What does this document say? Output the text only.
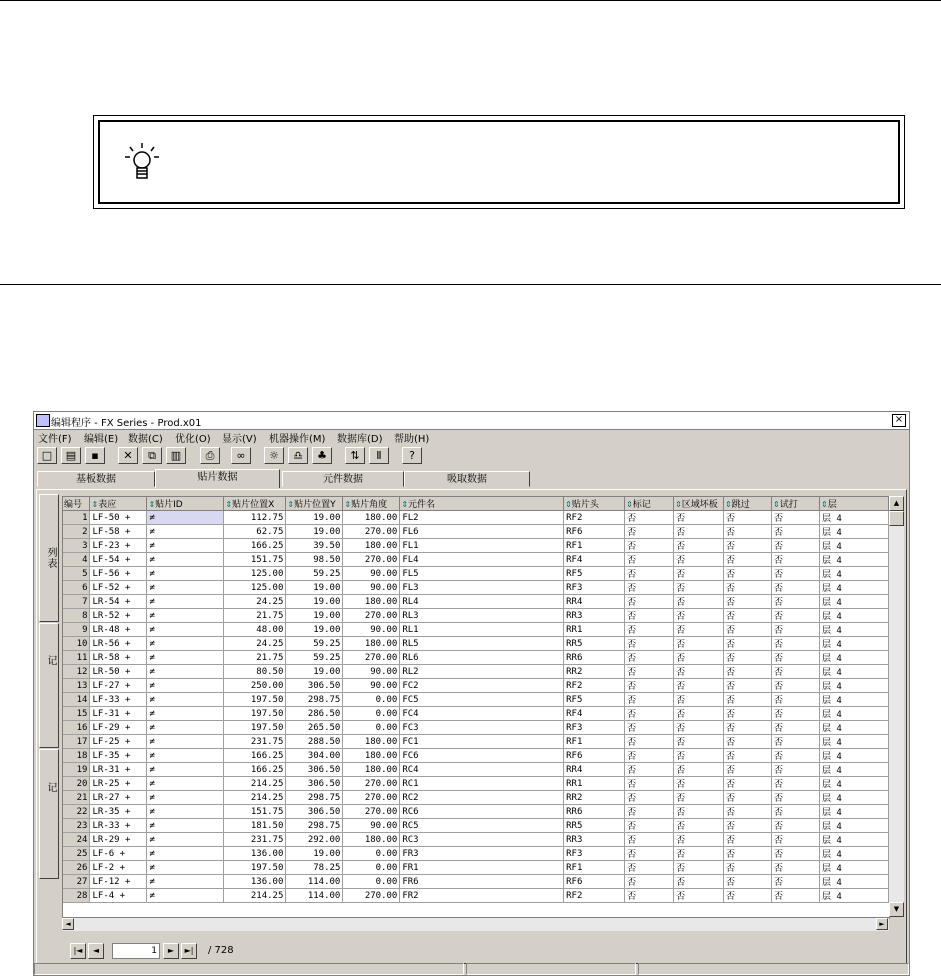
编辑程序 - FX Series - Prod.x01	×
文件(F) 编辑(E) 数据(C) 优化(O) 显示(V) 机器操作(M) 数据库(D) 帮助(H)
□	▤	▪	✕	⧉	▥	⎙	∞	☼	♎	♣	⇅	Ⅱ	?
基板数据	贴片数据	元件数据	吸取数据
列表
记
记
编号	⇕表应	⇕贴片ID	⇕贴片位置X	⇕贴片位置Y	⇕贴片角度	⇕元件名	⇕贴片头	⇕标记	⇕区域坏板	⇕跳过	⇕试打	⇕层
1	LF-50 +	≠	112.75	19.00	180.00	FL2	RF2	否	否	否	否	层 4
2	LF-58 +	≠	62.75	19.00	270.00	FL6	RF6	否	否	否	否	层 4
3	LF-23 +	≠	166.25	39.50	180.00	FL1	RF1	否	否	否	否	层 4
4	LF-54 +	≠	151.75	98.50	270.00	FL4	RF4	否	否	否	否	层 4
5	LF-56 +	≠	125.00	59.25	90.00	FL5	RF5	否	否	否	否	层 4
6	LF-52 +	≠	125.00	19.00	90.00	FL3	RF3	否	否	否	否	层 4
7	LR-54 +	≠	24.25	19.00	180.00	RL4	RR4	否	否	否	否	层 4
8	LR-52 +	≠	21.75	19.00	270.00	RL3	RR3	否	否	否	否	层 4
9	LR-48 +	≠	48.00	19.00	90.00	RL1	RR1	否	否	否	否	层 4
10	LR-56 +	≠	24.25	59.25	180.00	RL5	RR5	否	否	否	否	层 4
11	LR-58 +	≠	21.75	59.25	270.00	RL6	RR6	否	否	否	否	层 4
12	LR-50 +	≠	80.50	19.00	90.00	RL2	RR2	否	否	否	否	层 4
13	LF-27 +	≠	250.00	306.50	90.00	FC2	RF2	否	否	否	否	层 4
14	LF-33 +	≠	197.50	298.75	0.00	FC5	RF5	否	否	否	否	层 4
15	LF-31 +	≠	197.50	286.50	0.00	FC4	RF4	否	否	否	否	层 4
16	LF-29 +	≠	197.50	265.50	0.00	FC3	RF3	否	否	否	否	层 4
17	LF-25 +	≠	231.75	288.50	180.00	FC1	RF1	否	否	否	否	层 4
18	LF-35 +	≠	166.25	304.00	180.00	FC6	RF6	否	否	否	否	层 4
19	LR-31 +	≠	166.25	306.50	180.00	RC4	RR4	否	否	否	否	层 4
20	LR-25 +	≠	214.25	306.50	270.00	RC1	RR1	否	否	否	否	层 4
21	LR-27 +	≠	214.25	298.75	270.00	RC2	RR2	否	否	否	否	层 4
22	LR-35 +	≠	151.75	306.50	270.00	RC6	RR6	否	否	否	否	层 4
23	LR-33 +	≠	181.50	298.75	90.00	RC5	RR5	否	否	否	否	层 4
24	LR-29 +	≠	231.75	292.00	180.00	RC3	RR3	否	否	否	否	层 4
25	LF-6 +	≠	136.00	19.00	0.00	FR3	RF3	否	否	否	否	层 4
26	LF-2 +	≠	197.50	78.25	0.00	FR1	RF1	否	否	否	否	层 4
27	LF-12 +	≠	136.00	114.00	0.00	FR6	RF6	否	否	否	否	层 4
28	LF-4 +	≠	214.25	114.00	270.00	FR2	RF2	否	否	否	否	层 4
▲
▼
◄	►
|◄	◄	1	►	►|	/ 728
